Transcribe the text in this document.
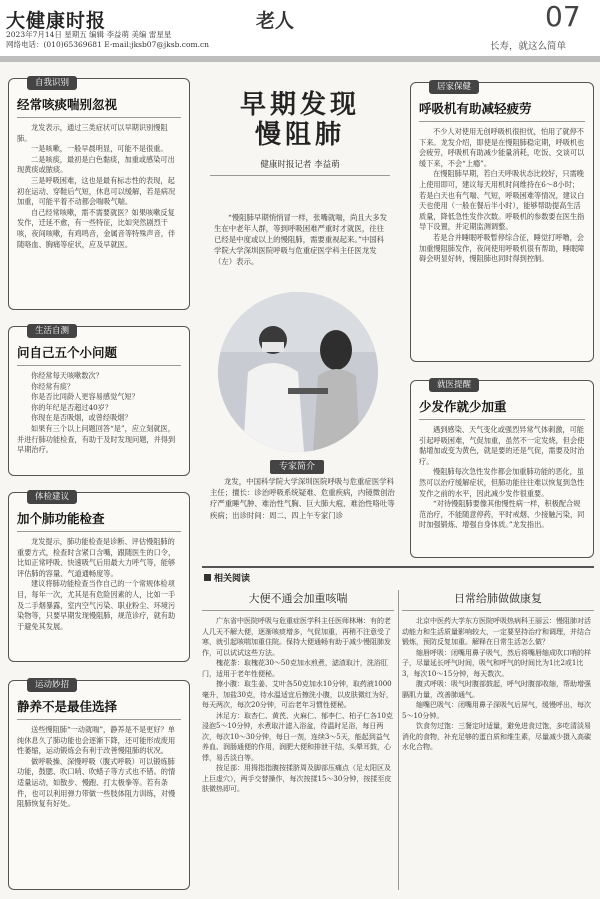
大健康时报
2023年7月14日 星期五 编辑 李益萌 美编 雷星星
网络电话：(010)65369681 E-mail:jksb07@jksb.com.cn
老人	07
长寿，就这么简单
自我识别
经常咳痰喘别忽视

龙发表示，通过三类症状可以早期识别慢阻肺。

一是咳嗽，一般早晨明显，可能不是很重。

二是咳痰，最初是白色黏痰，加重或感染可出现黄痰或脓痰。

三是呼吸困难，这也是最有标志性的表现，起初在运动、穿鞋后气短，休息可以缓解，若是病况加重，可能平着不动都会喘吸气喘。

自己经常咳嗽，需不需要就医？如果咳嗽反复发作，迁延不愈，有一些特征，比如突然剧烈干咳，夜间咳嗽，有鸡鸣音，金属音等特殊声音，伴随咯血、胸痛等症状，应及早就医。

生活自测
问自己五个小问题

你经常每天咳嗽数次？

你经常有痰？

你是否比同龄人更容易感觉气短？

你的年纪是否超过40岁？

你现在是否吸烟，或曾经吸烟？

如果有三个以上问题回答“是”，应立刻就医，并进行肺功能检查，有助于及时发现问题，并得到早期治疗。

体检建议
加个肺功能检查

龙发提示，肺功能检查是诊断、评估慢阻肺的重要方式，检查时含紧口含嘴，跟随医生的口令，比如正常呼吸、快速吸气后用最大力呼气等，能够评估肺的容量、气道通畅度等。

建议将肺功能检查当作自己的一个常规体检项目，每年一次，尤其是有危险因素的人，比如一手及二手烟暴露，室内空气污染、职业粉尘、环境污染物等，只要早期发现慢阻肺，规范诊疗，就有助于避免其发展。

运动妙招
静养不是最佳选择

送些慢阻肺“一动就喘”，静养是不是更好？单纯休息久了肺功能也会逐渐下降，还可能形成废用性萎缩，运动锻炼会有利于改善慢阻肺的状况。

做呼吸操、深慢呼吸（腹式呼吸）可以锻炼肺功能，鼓腮、吹口哨、吹蜡子等方式也不错。的情适量运动，如散步、慢跑、打太极拳等。若有条件，也可以利用弹力带做一些肢体阻力训练，对慢阻肺恢复有好处。

早期发现
慢阻肺
健康时报记者 李益萌

“慢阻肺早期悄悄冒一样，张嘴就喘，尚且大多发生在中老年人群，等到呼吸困难严重时才就医，往往已经是中度或以上的慢阻肺，需要重视起来。”中国科学院大学深圳医院呼吸与危重症医学科主任医龙发（左）表示。

专家简介

龙发，中国科学院大学深圳医院呼吸与危重症医学科主任；擅长：诊治呼吸系统疑难、危重疾病，内镜微创治疗严重睡气肿、难治性气胸、巨大肺大疱、难治性咯吐等疾病；出诊时间：周二、四上午专家门诊

居家保健
呼吸机有助减轻疲劳

不少人对使用无创呼吸机很担忧，怕用了就停不下来。龙发介绍，即使是在慢阻肺稳定期，呼吸机也会疲劳，呼吸机有助减少能量消耗，吃饭、交谈可以缓下来，不会“上瘾”。

在慢阻肺早期，若白天呼吸状态比较好，只需晚上使用即可，建议每天用机时间维持在6～8小时；若是白天也有气喘、气短，呼吸困难等情况，建议白天也使用（一般在餐后半小时），能够帮助提高生活质量，降低急性发作次数。呼吸机的参数要在医生指导下设置，并定期监测调整。

若是合并睡眠呼吸暂停综合征，睡觉打呼噜，会加重慢阻肺发作，夜间使用呼吸机很有帮助，睡眠障碍会明显好转，慢阻肺也同时得到控制。

就医提醒
少发作就少加重

遇到感染、天气变化或强烈异常气体刺激，可能引起呼吸困难，气促加重，虽然不一定发烧，但会使黏增加或变为黄色，就是要的还是气促，需要及时治疗。

慢阻肺每次急性发作都会加重肺功能的恶化，虽然可以治疗缓解症状，但肺功能往往难以恢复到急性发作之前的水平，因此减少发作很重要。

“对待慢阻肺要像其他慢性病一样，积极配合规范治疗，不能随意停药，平时戒烟、少接触污染，同时加强锻炼、增强自身体质。”龙发指出。

相关阅读
大便不通会加重咳喘

广东省中医院呼吸与危重症医学科主任医师林琳：有的老人几天不解大便，逐渐咳痰增多，气促加重，再稍不注意受了寒，就引起咳喘加重住院。保持大便通畅有助于减少慢阻肺发作，可以试试这些方法。

槐花茶：取槐花30～50克加水煎煮，滤渣取汁，洗浴肛门，适用于老年性便秘。

擦小腹：取生姜、艾叶各50克加水10分钟，取药液1000毫升，加盐30克，待水温适宜后擦洗小腹，以皮肤微红为好，每天两次，每次20分钟，可治老年习惯性便秘。

沐足方：取杏仁、黄芪、火麻仁、郁李仁、柏子仁各10克浸泡5～10分钟，水煮取汁滤入浴盆，待温时足浴，每日两次，每次10～30分钟，每日一剂，连续3～5天，能起到益气养血、润肠通便的作用，润肥大便和排泄干结，头晕耳鼓，心悸，易舌淡白等。

按足部：用拇指指腹按揉脐周及脚部压痛点（足太阳区及上巨虚穴），两手交替操作，每次按揉15～30分钟，按揉至皮肤微热即可。

日常给肺做做康复

北京中医药大学东方医院呼吸热病科王丽云：慢阻肺对活动能力和生活质量影响较大，一定要坚持治疗和调理，并结合锻炼，预防反复加重。解释在日常生活怎么做？

缩唇呼吸：闭嘴用鼻子吸气，然后将嘴唇缩成吹口哨的样子，尽量延长呼气时间，吸气和呼气的时间比为1比2或1比3，每次10～15分钟，每天数次。

腹式呼吸：吸气时腹部鼓起，呼气时腹部收缩，帮助增强膈肌力量，改善肺通气。

缩嘴巴吸气：闭嘴用鼻子深吸气后屏气，缓慢呼出，每次5～10分钟。

饮食勿过饱：三餐定时适量，避免进食过饱，多吃清淡易消化的食物，补充足够的蛋白质和维生素，尽量减少摄入高碳水化合物。
